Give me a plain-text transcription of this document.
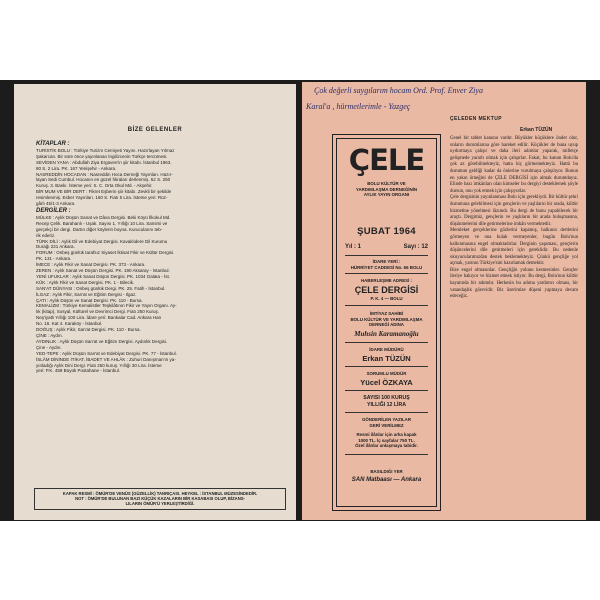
BİZE GELENLER
KİTAPLAR :
TURİSTİK BOLU : Türkiye Turizm Cemiyeti Yayını. Hazırlayan Yılmaz
Şakarcan. Bir süre önce yayınlanan İngilizcenin Türkçe tercümesi.
SEVİDEN YANA : Abdullah Ziya Ergüven'in şiir kitabı. İstanbul 1963.
80 S. 2 Lira. PK. 167 Yenişehir - Ankara.
NASREDDİN HOCADAN : Nasreddin Hoca Derneği Yayınları. Hazır-
layan Sedi Cumbul. Hocanın en güzel fıkraları derlenmiş. 52 S. 250
Kuruş. 3. Baskı. İsteme yeri: S. C. Orta Okul Md. - Akşehir.
BİR MUM VE BİR DERT : Fikret Eşberin şiir kitabı. Zevkli bir şekilde
resimlenmiş. Esber Yayınları. 160 S. Fiatı 5 Lira. İsteme yeri: Rüz-
gârlı 45/1-3 Ankara.
DERGİLER :
MÜLKE : Aylık Düşün Sanat ve Dâva Dergisi. Beki Köyü İlkokul Md.
Recep Çelik. Barahanlı - Uşak. Sayısı 1. Yıllığı 10 Lira. Samimi ve
gerçekçi bir dergi. Dartın diğer köylerin boyna. Kurucularını teb-
rik ederiz.
TÜRK DİLİ : Aylık Dil ve Edebiyat Dergisi. Kavaklıdere Dil Kurumu
Durağı 221 Ankara.
FORUM : Onbeş günlük tarafsız Siyaset İktisat Fikir ve Kültür Dergisi.
PK. 131 - Ankara.
İMECE : Aylık Fikir ve Sanat Dergisi. PK. 373 - Ankara.
ZEREN : Aylık Sanat ve Düşün Dergisi. PK. 190 Aksaray - İstanbul.
YENİ UFUKLAR : Aylık Sanat Düşün Dergisi. PK. 1034 Galata - İst.
KÜK : Aylık Fikir ve Sanat Dergisi. PK. 1 - Bilecik.
SAN'AT DÜNYASI : Onbeş günlük Dergi. PK. 25. Fatih - İstanbul.
İLGAZ : Aylık Fikir, San'at ve Eğitim Dergisi - Ilgaz.
ÇATI : Aylık Düşün ve Sanat Dergisi. PK. 110 - Bursa.
KEMALİZM : Türkiye Kemalistler Teşkilâtının Fikir ve Yayın Organı. Ay-
lık (kitap), Sosyal, Kültürel ve Devrimci Dergi. Fiatı 250 Kuruş.
Neş'iyatlı Yıllığı 100 Lira. İdare yeri: Bankalar Cad. Ankara Han
No. 16. Kat 4. Karaköy - İstanbul.
DOĞUŞ : Aylık Fikir, San'at Dergisi. PK. 110 - Bursa.
ÇİNE : Aydın.
AYDINLIK : Aylık Düşün San'at ve Eğitim Dergisi. Aydınlık Dergisi.
Çine - Aydın.
YED-TEPE : Aylık Düşün San'at ve Edebiyat Dergisi. PK. 77 - İstanbul.
İSLÂM DİNİNDE İTİKAT, İBADET VE AHLÂK : Zuhuri Danışman'ın ya-
yınladığı Aylık Dini Dergi. Fiatı 250 kuruş. Yıllığı 30 Lira. İsteme
yeri: P.K. 458 Büyük Postahane - İstanbul.
KAPAK RESMİ : ÖMÜR'DE VENÜS (GÜZELLİK) TANRIÇASI. HEYKEL : İSTANBUL MÜZESİNDEDİR.
NOT : ÖMÜR'DE BULUNAN BAZI KÜÇÜK KAZALARIN BİR KASABASI OLUP, BİZANS-
LILARIN ÖMÜR'Ü YERLEŞTİRDİĞİ.
Çok değerli saygılarım hocam Ord. Prof. Enver Ziya
Karal'a , hürmetlerimle - Yazgeç
ÇELEDEN MEKTUP
Erkan TÜZÜN
ÇELE
BOLU KÜLTÜR VE
YARDIMLAŞMA DERNEĞİNİN
AYLIK YAYIN ORGANI
ŞUBAT 1964
Yıl : 1	Sayı : 12
İDARE YERİ :
HÜRRİYET CADDESİ No. 66 BOLU
HABERLEŞME ADRESİ :
ÇELE DERGİSİ
P. K. 4 — BOLU
İMTİYAZ SAHİBİ
BOLU KÜLTÜR VE YARDIMLAŞMA
DERNEĞİ ADINA
Muhsin Karamanoğlu
İDARE MÜDÜRÜ
Erkan TÜZÜN
SORUMLU MÜDÜR
Yücel ÖZKAYA
SAYISI 100 KURUŞ
YILLIĞI 12 LİRA
GÖNDERİLEN YAZILAR
GERİ VERİLMEZ
Resmi ilânlar için arka kapak
1000 TL. İç sayfalar 750 TL.
Özel ilânlar anlaşmaya tabidir.
BASILDIĞI YER
SAN Matbaası — Ankara

Genel bir tablet kanunu vardır. Büyükler küçüklere önder olur, onların durumlarına göre hareket edilir. Küçükler de buna uyup uydurmaya çalışır ve daha ileri adımlar yaparak, milletçe gelişmede yararlı olmak için çalışırlar. Fakat, bu kanun Bolu'da çok az görebilmekteyiz, hatta hiç görmemekteyiz. Hattâ bu durumun geldiği kadar da önlerine vurulmaya çalışılıyor. Bunun en yakın örneğini de ÇELE DERGİSİ için almak durumdayız. Elinde bazı imkânları olan kimseler bu dergiyi desteklemek şöyle dursun, onu yok etmek için çalışıyorlar.

Çele dergisinin yayınlanması Bolu için gerekliydi. Bir kültür şehri durumuna gelebilmesi için gençlerin ve yaşlıların bir arada, kültür hizmetine yönelmesi lâzımdı. Bu dergi de bunu yapabilecek bir araçtı. Dergimiz, gençlerin ve yaşlıların bir arada buluşmasına, düşünmelerini dile getirmelerine imkân vermektedir.

Memleket gerçeklerine gözlerini kapamış, halkının dertlerini görmeyen ve ona kulak vermeyenler, bugün Bolu'nun kalkınmasına engel olmaktadırlar. Derginin yaşaması, gençlerin düşüncelerini dile getirmeleri için gereklidir. Bu nedenle okuyucularımızdan destek beklemekteyiz. Çünkü gençliğe yol açmak, yarının Türkiye'sini hazırlamak demektir.

Bize engel olmasınlar. Gençliğin yolunu kesmesinler. Gençler ileriye bakıyor ve hizmet etmek istiyor. Bu dergi, Bolu'nun kültür hayatında bir adımdır. Herkesin bu adıma yardımcı olması, bir vatandaşlık görevidir. Biz üzerimize düşeni yapmaya devam edeceğiz.
